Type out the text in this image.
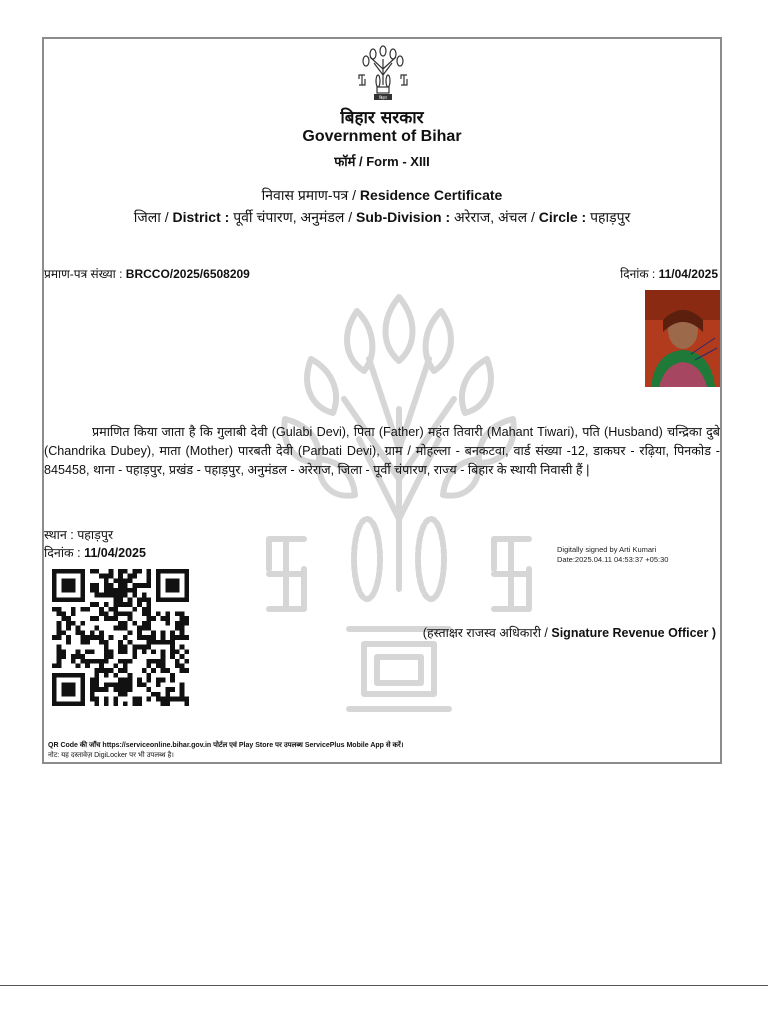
बिहार
बिहार सरकार
Government of Bihar
फॉर्म / Form - XIII
निवास प्रमाण-पत्र / Residence Certificate
जिला / District : पूर्वी चंपारण, अनुमंडल / Sub-Division : अरेराज, अंचल / Circle : पहाड़पुर
प्रमाण-पत्र संख्या : BRCCO/2025/6508209	दिनांक : 11/04/2025
प्रमाणित किया जाता है कि गुलाबी देवी (Gulabi Devi), पिता (Father) महंत तिवारी (Mahant Tiwari), पति (Husband) चन्द्रिका दुबे (Chandrika Dubey), माता (Mother) पारबती देवी (Parbati Devi), ग्राम / मोहल्ला - बनकटवा, वार्ड संख्या -12, डाकघर - रढ़िया, पिनकोड - 845458, थाना - पहाड़पुर, प्रखंड - पहाड़पुर, अनुमंडल - अरेराज, जिला - पूर्वी चंपारण, राज्य - बिहार के स्थायी निवासी हैं |
स्थान : पहाड़पुर
दिनांक : 11/04/2025	Digitally signed by Arti Kumari
Date:2025.04.11 04:53:37 +05:30
(हस्ताक्षर राजस्व अधिकारी / Signature Revenue Officer )
QR Code की जाँच https://serviceonline.bihar.gov.in पोर्टल एवं Play Store पर उपलब्ध ServicePlus Mobile App से करें।
नोट: यह दस्तावेज़ DigiLocker पर भी उपलब्ध है।
